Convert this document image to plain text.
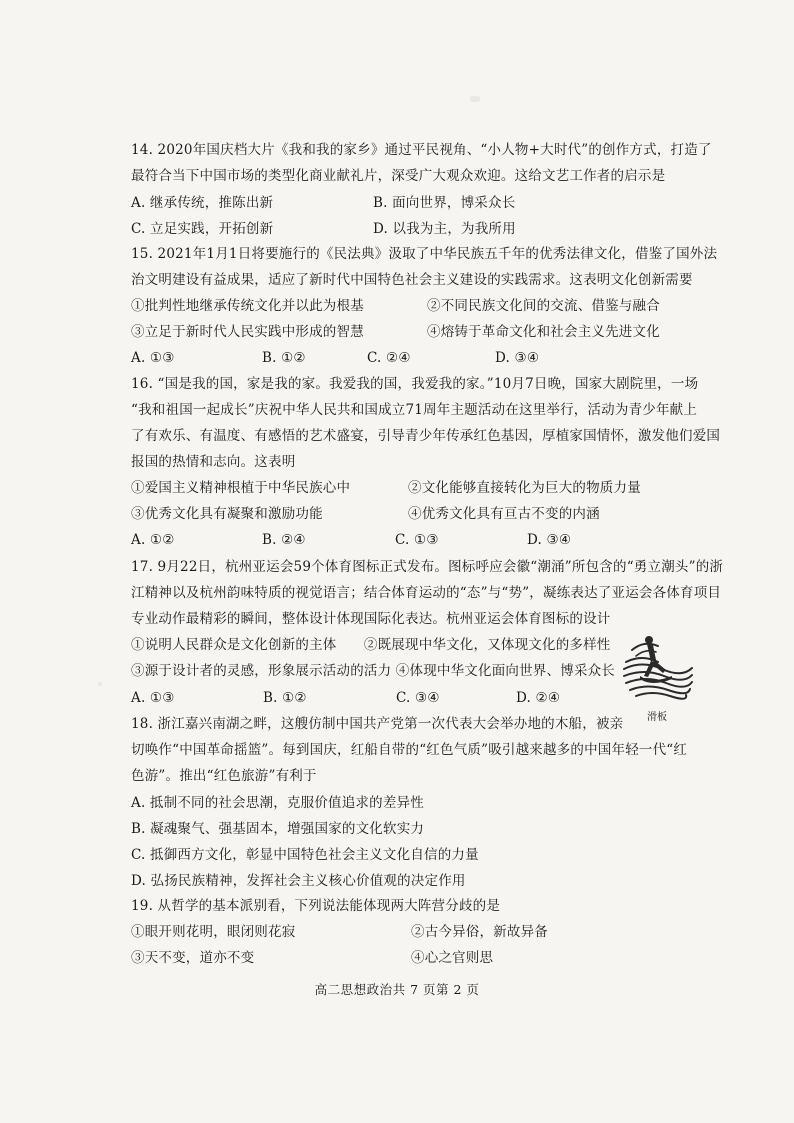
14. 2020年国庆档大片《我和我的家乡》通过平民视角、“小人物+大时代”的创作方式，打造了
最符合当下中国市场的类型化商业献礼片，深受广大观众欢迎。这给文艺工作者的启示是
A. 继承传统，推陈出新	B. 面向世界，博采众长
C. 立足实践，开拓创新	D. 以我为主，为我所用
15. 2021年1月1日将要施行的《民法典》汲取了中华民族五千年的优秀法律文化，借鉴了国外法
治文明建设有益成果，适应了新时代中国特色社会主义建设的实践需求。这表明文化创新需要
①批判性地继承传统文化并以此为根基	②不同民族文化间的交流、借鉴与融合
③立足于新时代人民实践中形成的智慧	④熔铸于革命文化和社会主义先进文化
A. ①③	B. ①②	C. ②④	D. ③④
16. “国是我的国，家是我的家。我爱我的国，我爱我的家。”10月7日晚，国家大剧院里，一场
“我和祖国一起成长”庆祝中华人民共和国成立71周年主题活动在这里举行，活动为青少年献上
了有欢乐、有温度、有感悟的艺术盛宴，引导青少年传承红色基因，厚植家国情怀，激发他们爱国
报国的热情和志向。这表明
①爱国主义精神根植于中华民族心中	②文化能够直接转化为巨大的物质力量
③优秀文化具有凝聚和激励功能	④优秀文化具有亘古不变的内涵
A. ①②	B. ②④	C. ①③	D. ③④
17. 9月22日，杭州亚运会59个体育图标正式发布。图标呼应会徽“潮涌”所包含的“勇立潮头”的浙
江精神以及杭州韵味特质的视觉语言；结合体育运动的“态”与“势”，凝练表达了亚运会各体育项目
专业动作最精彩的瞬间，整体设计体现国际化表达。杭州亚运会体育图标的设计
①说明人民群众是文化创新的主体　　②既展现中华文化，又体现文化的多样性
③源于设计者的灵感，形象展示活动的活力 ④体现中华文化面向世界、博采众长
A. ①③	B. ①②	C. ③④	D. ②④
滑板
18. 浙江嘉兴南湖之畔，这艘仿制中国共产党第一次代表大会举办地的木船，被亲
切唤作“中国革命摇篮”。每到国庆，红船自带的“红色气质”吸引越来越多的中国年轻一代“红
色游”。推出“红色旅游”有利于
A. 抵制不同的社会思潮，克服价值追求的差异性
B. 凝魂聚气、强基固本，增强国家的文化软实力
C. 抵御西方文化，彰显中国特色社会主义文化自信的力量
D. 弘扬民族精神，发挥社会主义核心价值观的决定作用
19. 从哲学的基本派别看，下列说法能体现两大阵营分歧的是
①眼开则花明，眼闭则花寂	②古今异俗，新故异备
③天不变，道亦不变	④心之官则思
高二思想政治共 7 页第 2 页
